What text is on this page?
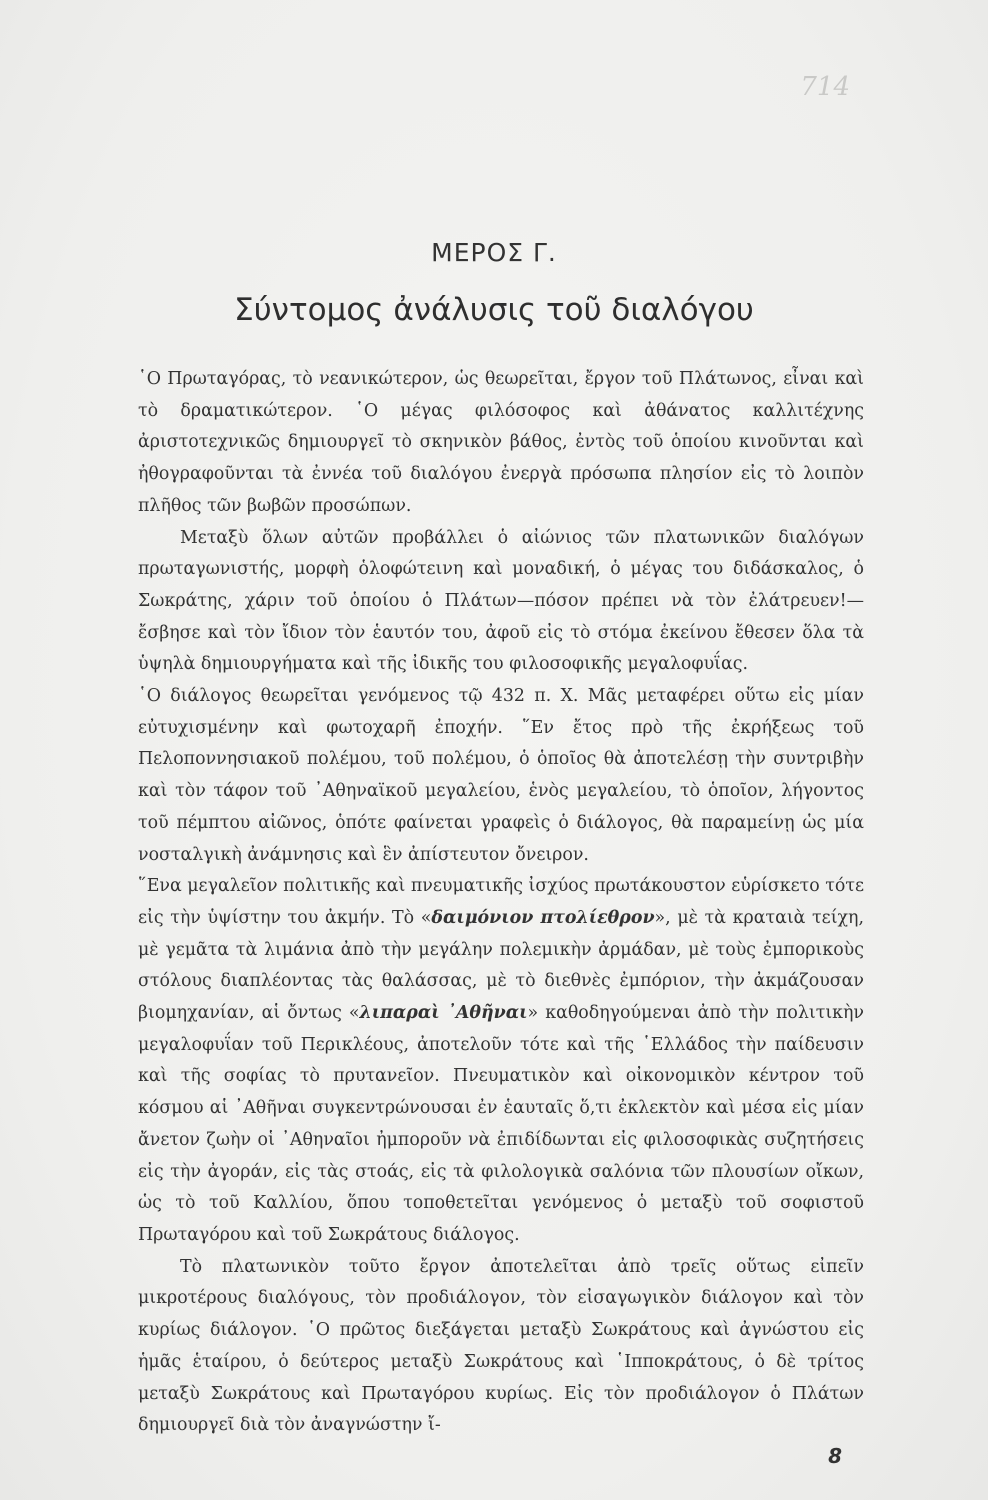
714
ΜΕΡΟΣ Γ.
Σύντομος ἀνάλυσις τοῦ διαλόγου

῾Ο Πρωταγόρας, τὸ νεανικώτερον, ὡς θεωρεῖται, ἔργον τοῦ Πλάτωνος, εἶναι καὶ τὸ δραματικώτερον. ῾Ο μέγας φιλόσοφος καὶ ἀθάνατος καλλιτέχνης ἀριστοτεχνικῶς δημιουργεῖ τὸ σκηνικὸν βάθος, ἐντὸς τοῦ ὁποίου κινοῦνται καὶ ἠθογραφοῦνται τὰ ἐννέα τοῦ διαλόγου ἐνεργὰ πρόσωπα πλησίον εἰς τὸ λοιπὸν πλῆθος τῶν βωβῶν προσώπων.

Μεταξὺ ὅλων αὐτῶν προβάλλει ὁ αἰώνιος τῶν πλατωνικῶν διαλόγων πρωταγωνιστής, μορφὴ ὁλοφώτεινη καὶ μοναδική, ὁ μέγας του διδάσκαλος, ὁ Σωκράτης, χάριν τοῦ ὁποίου ὁ Πλάτων—πόσον πρέπει νὰ τὸν ἐλάτρευεν!—ἔσβησε καὶ τὸν ἴδιον τὸν ἑαυτόν του, ἀφοῦ εἰς τὸ στόμα ἐκείνου ἔθεσεν ὅλα τὰ ὑψηλὰ δημιουργήματα καὶ τῆς ἰδικῆς του φιλοσοφικῆς μεγαλοφυΐας.

῾Ο διάλογος θεωρεῖται γενόμενος τῷ 432 π. Χ. Μᾶς μεταφέρει οὕτω εἰς μίαν εὐτυχισμένην καὶ φωτοχαρῆ ἐποχήν. ῞Εν ἔτος πρὸ τῆς ἐκρήξεως τοῦ Πελοποννησιακοῦ πολέμου, τοῦ πολέμου, ὁ ὁποῖος θὰ ἀποτελέσῃ τὴν συντριβὴν καὶ τὸν τάφον τοῦ ᾿Αθηναϊκοῦ μεγαλείου, ἑνὸς μεγαλείου, τὸ ὁποῖον, λήγοντος τοῦ πέμπτου αἰῶνος, ὁπότε φαίνεται γραφεὶς ὁ διάλογος, θὰ παραμείνῃ ὡς μία νοσταλγικὴ ἀνάμνησις καὶ ἓν ἀπίστευτον ὄνειρον.

῞Ενα μεγαλεῖον πολιτικῆς καὶ πνευματικῆς ἰσχύος πρωτάκουστον εὑρίσκετο τότε εἰς τὴν ὑψίστην του ἀκμήν. Τὸ «δαιμόνιον πτολίεθρον», μὲ τὰ κραταιὰ τείχη, μὲ γεμᾶτα τὰ λιμάνια ἀπὸ τὴν μεγάλην πολεμικὴν ἀρμάδαν, μὲ τοὺς ἐμπορικοὺς στόλους διαπλέοντας τὰς θαλάσσας, μὲ τὸ διεθνὲς ἐμπόριον, τὴν ἀκμάζουσαν βιομηχανίαν, αἱ ὄντως «λιπαραὶ ᾿Αθῆναι» καθοδηγούμεναι ἀπὸ τὴν πολιτικὴν μεγαλοφυΐαν τοῦ Περικλέους, ἀποτελοῦν τότε καὶ τῆς ῾Ελλάδος τὴν παίδευσιν καὶ τῆς σοφίας τὸ πρυτανεῖον. Πνευματικὸν καὶ οἰκονομικὸν κέντρον τοῦ κόσμου αἱ ᾿Αθῆναι συγκεντρώνουσαι ἐν ἑαυταῖς ὅ,τι ἐκλεκτὸν καὶ μέσα εἰς μίαν ἄνετον ζωὴν οἱ ᾿Αθηναῖοι ἠμποροῦν νὰ ἐπιδίδωνται εἰς φιλοσοφικὰς συζητήσεις εἰς τὴν ἀγοράν, εἰς τὰς στοάς, εἰς τὰ φιλολογικὰ σαλόνια τῶν πλουσίων οἴκων, ὡς τὸ τοῦ Καλλίου, ὅπου τοποθετεῖται γενόμενος ὁ μεταξὺ τοῦ σοφιστοῦ Πρωταγόρου καὶ τοῦ Σωκράτους διάλογος.

Τὸ πλατωνικὸν τοῦτο ἔργον ἀποτελεῖται ἀπὸ τρεῖς οὕτως εἰπεῖν μικροτέρους διαλόγους, τὸν προδιάλογον, τὸν εἰσαγωγικὸν διάλογον καὶ τὸν κυρίως διάλογον. ῾Ο πρῶτος διεξάγεται μεταξὺ Σωκράτους καὶ ἀγνώστου εἰς ἡμᾶς ἑταίρου, ὁ δεύτερος μεταξὺ Σωκράτους καὶ ῾Ιπποκράτους, ὁ δὲ τρίτος μεταξὺ Σωκράτους καὶ Πρωταγόρου κυρίως. Εἰς τὸν προδιάλογον ὁ Πλάτων δημιουργεῖ διὰ τὸν ἀναγνώστην ἴ-

8
